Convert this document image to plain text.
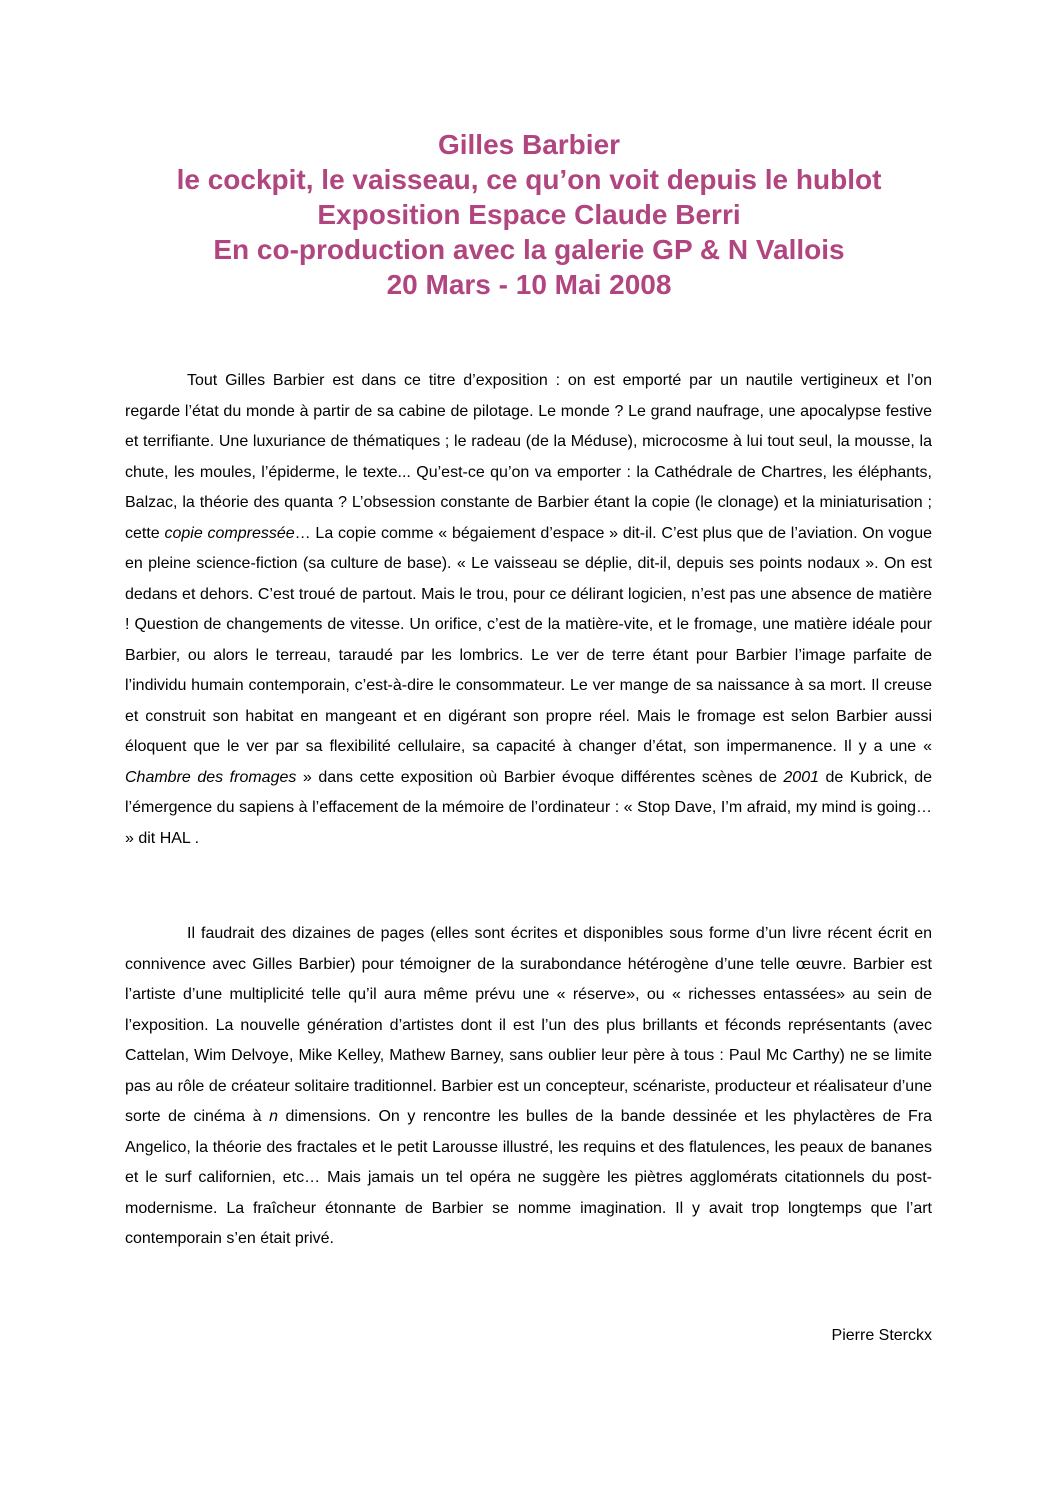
Gilles Barbier
le cockpit, le vaisseau, ce qu’on voit depuis le hublot
Exposition Espace Claude Berri
En co-production avec la galerie GP & N Vallois
20 Mars - 10 Mai 2008

Tout Gilles Barbier est dans ce titre d’exposition : on est emporté par un nautile vertigineux et l’on regarde l’état du monde à partir de sa cabine de pilotage. Le monde ? Le grand naufrage, une apocalypse festive et terrifiante. Une luxuriance de thématiques ; le radeau (de la Méduse), microcosme à lui tout seul, la mousse, la chute, les moules, l’épiderme, le texte... Qu’est-ce qu’on va emporter : la Cathédrale de Chartres, les éléphants, Balzac, la théorie des quanta ? L’obsession constante de Barbier étant la copie (le clonage) et la miniaturisation ; cette copie compressée… La copie comme « bégaiement d’espace » dit-il. C’est plus que de l’aviation. On vogue en pleine science-fiction (sa culture de base). « Le vaisseau se déplie, dit-il, depuis ses points nodaux ». On est dedans et dehors. C’est troué de partout. Mais le trou, pour ce délirant logicien, n’est pas une absence de matière ! Question de changements de vitesse. Un orifice, c’est de la matière-vite, et le fromage, une matière idéale pour Barbier, ou alors le terreau, taraudé par les lombrics. Le ver de terre étant pour Barbier l’image parfaite de l’individu humain contemporain, c’est-à-dire le consommateur. Le ver mange de sa naissance à sa mort. Il creuse et construit son habitat en mangeant et en digérant son propre réel. Mais le fromage est selon Barbier aussi éloquent que le ver par sa flexibilité cellulaire, sa capacité à changer d’état, son impermanence. Il y a une « Chambre des fromages » dans cette exposition où Barbier évoque différentes scènes de 2001 de Kubrick, de l’émergence du sapiens à l’effacement de la mémoire de l’ordinateur : « Stop Dave, I’m afraid, my mind is going… » dit HAL .

Il faudrait des dizaines de pages (elles sont écrites et disponibles sous forme d’un livre récent écrit en connivence avec Gilles Barbier) pour témoigner de la surabondance hétérogène d’une telle œuvre. Barbier est l’artiste d’une multiplicité telle qu’il aura même prévu une « réserve», ou « richesses entassées» au sein de l’exposition. La nouvelle génération d’artistes dont il est l’un des plus brillants et féconds représentants (avec Cattelan, Wim Delvoye, Mike Kelley, Mathew Barney, sans oublier leur père à tous : Paul Mc Carthy) ne se limite pas au rôle de créateur solitaire traditionnel. Barbier est un concepteur, scénariste, producteur et réalisateur d’une sorte de cinéma à n dimensions. On y rencontre les bulles de la bande dessinée et les phylactères de Fra Angelico, la théorie des fractales et le petit Larousse illustré, les requins et des flatulences, les peaux de bananes et le surf californien, etc… Mais jamais un tel opéra ne suggère les piètres agglomérats citationnels du post-modernisme. La fraîcheur étonnante de Barbier se nomme imagination. Il y avait trop longtemps que l’art contemporain s’en était privé.

Pierre Sterckx
